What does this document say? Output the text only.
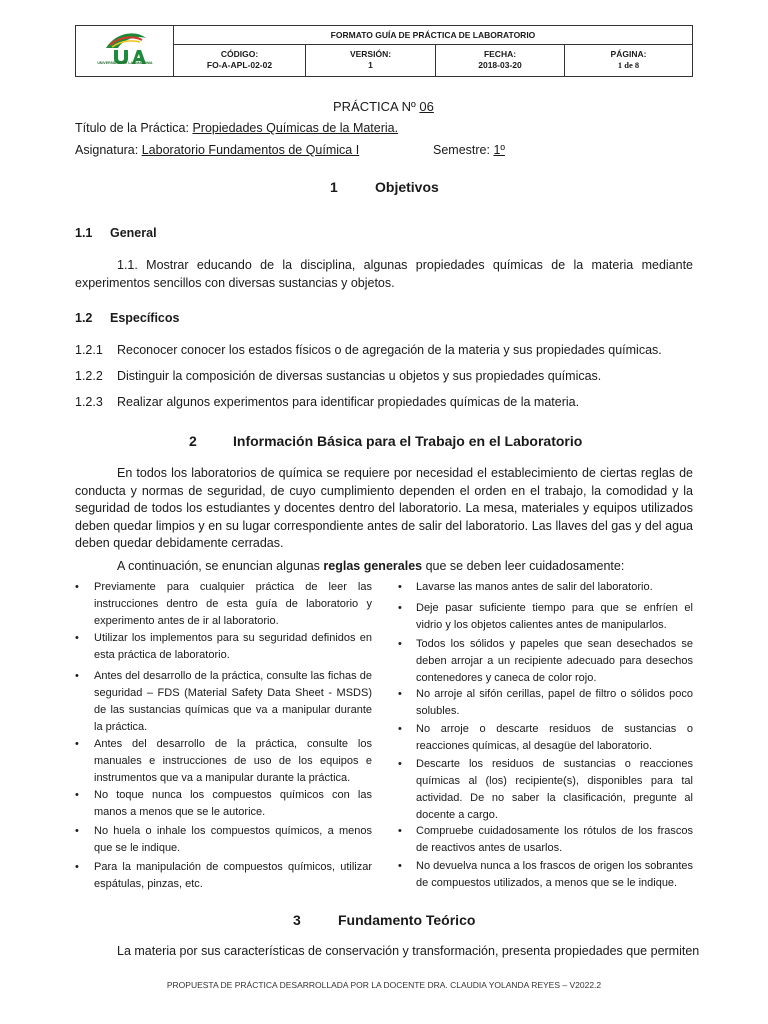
UNIVERSIDAD DE LA AMAZONIA
FORMATO GUÍA DE PRÁCTICA DE LABORATORIO
CÓDIGO:
FO-A-APL-02-02
VERSIÓN:
1
FECHA:
2018-03-20
PÁGINA:
1 de 8
PRÁCTICA Nº 06
Título de la Práctica: Propiedades Químicas de la Materia.
Asignatura: Laboratorio Fundamentos de Química I	Semestre: 1º
1	Objetivos
1.1 General
1.1. Mostrar educando de la disciplina, algunas propiedades químicas de la materia mediante experimentos sencillos con diversas sustancias y objetos.
1.2 Específicos
1.2.1 Reconocer conocer los estados físicos o de agregación de la materia y sus propiedades químicas.
1.2.2 Distinguir la composición de diversas sustancias u objetos y sus propiedades químicas.
1.2.3 Realizar algunos experimentos para identificar propiedades químicas de la materia.
2	Información Básica para el Trabajo en el Laboratorio
En todos los laboratorios de química se requiere por necesidad el establecimiento de ciertas reglas de conducta y normas de seguridad, de cuyo cumplimiento dependen el orden en el trabajo, la comodidad y la seguridad de todos los estudiantes y docentes dentro del laboratorio. La mesa, materiales y equipos utilizados deben quedar limpios y en su lugar correspondiente antes de salir del laboratorio. Las llaves del gas y del agua deben quedar debidamente cerradas.
A continuación, se enuncian algunas reglas generales que se deben leer cuidadosamente:
• Previamente para cualquier práctica de leer las instrucciones dentro de esta guía de laboratorio y experimento antes de ir al laboratorio.
• Utilizar los implementos para su seguridad definidos en esta práctica de laboratorio.
• Antes del desarrollo de la práctica, consulte las fichas de seguridad – FDS (Material Safety Data Sheet - MSDS) de las sustancias químicas que va a manipular durante la práctica.
• Antes del desarrollo de la práctica, consulte los manuales e instrucciones de uso de los equipos e instrumentos que va a manipular durante la práctica.
• No toque nunca los compuestos químicos con las manos a menos que se le autorice.
• No huela o inhale los compuestos químicos, a menos que se le indique.
• Para la manipulación de compuestos químicos, utilizar espátulas, pinzas, etc.
• Lavarse las manos antes de salir del laboratorio.
• Deje pasar suficiente tiempo para que se enfríen el vidrio y los objetos calientes antes de manipularlos.
• Todos los sólidos y papeles que sean desechados se deben arrojar a un recipiente adecuado para desechos contenedores y caneca de color rojo.
• No arroje al sifón cerillas, papel de filtro o sólidos poco solubles.
• No arroje o descarte residuos de sustancias o reacciones químicas, al desagüe del laboratorio.
• Descarte los residuos de sustancias o reacciones químicas al (los) recipiente(s), disponibles para tal actividad. De no saber la clasificación, pregunte al docente a cargo.
• Compruebe cuidadosamente los rótulos de los frascos de reactivos antes de usarlos.
• No devuelva nunca a los frascos de origen los sobrantes de compuestos utilizados, a menos que se le indique.
3	Fundamento Teórico
La materia por sus características de conservación y transformación, presenta propiedades que permiten
PROPUESTA DE PRÁCTICA DESARROLLADA POR LA DOCENTE DRA. CLAUDIA YOLANDA REYES – V2022.2
